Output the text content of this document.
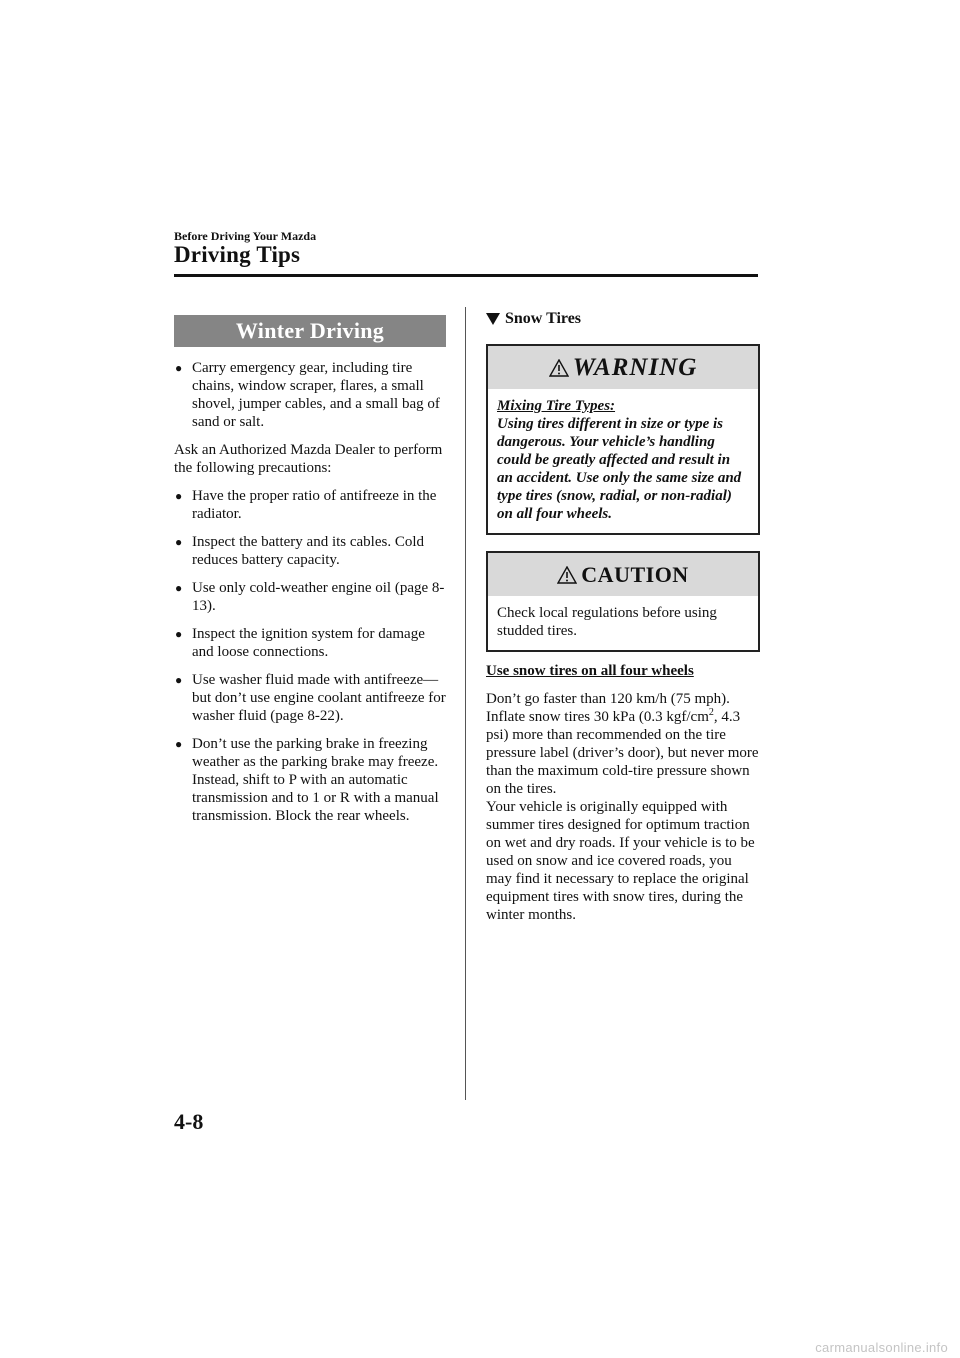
Before Driving Your Mazda
Driving Tips
Winter Driving

● Carry emergency gear, including tire chains, window scraper, flares, a small shovel, jumper cables, and a small bag of sand or salt.

Ask an Authorized Mazda Dealer to perform the following precautions:

● Have the proper ratio of antifreeze in the radiator.

● Inspect the battery and its cables. Cold reduces battery capacity.

● Use only cold-weather engine oil (page 8-13).

● Inspect the ignition system for damage and loose connections.

● Use washer fluid made with antifreeze—but don’t use engine coolant antifreeze for washer fluid (page 8-22).

● Don’t use the parking brake in freezing weather as the parking brake may freeze. Instead, shift to P with an automatic transmission and to 1 or R with a manual transmission. Block the rear wheels.

Snow Tires
WARNING

Mixing Tire Types:

Using tires different in size or type is dangerous. Your vehicle’s handling could be greatly affected and result in an accident. Use only the same size and type tires (snow, radial, or non-radial) on all four wheels.

CAUTION

Check local regulations before using studded tires.

Use snow tires on all four wheels

Don’t go faster than 120 km/h (75 mph). Inflate snow tires 30 kPa (0.3 kgf/$cm^2$, 4.3 psi) more than recommended on the tire pressure label (driver’s door), but never more than the maximum cold-tire pressure shown on the tires.

Your vehicle is originally equipped with summer tires designed for optimum traction on wet and dry roads. If your vehicle is to be used on snow and ice covered roads, you may find it necessary to replace the original equipment tires with snow tires, during the winter months.

4-8
carmanualsonline.info
